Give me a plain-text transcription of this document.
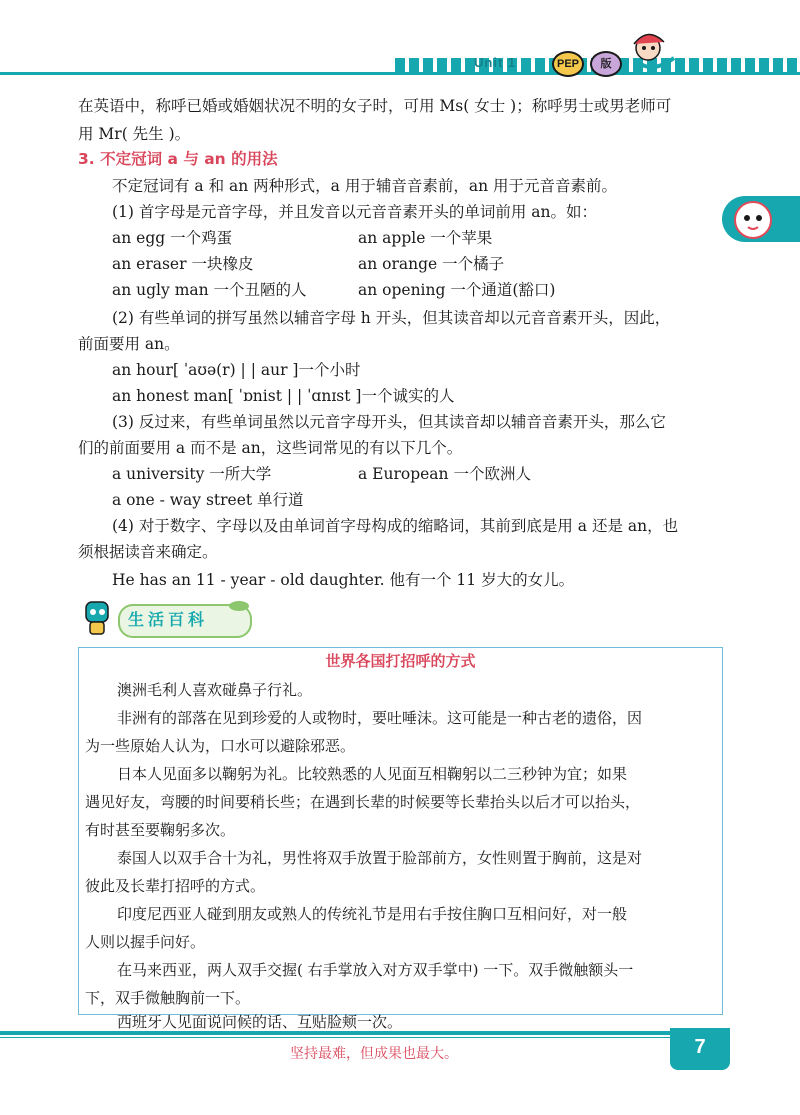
Unit 1	PEP	版
在英语中，称呼已婚或婚姻状况不明的女子时，可用 Ms( 女士 )；称呼男士或男老师可
用 Mr( 先生 )。
3. 不定冠词 a 与 an 的用法
不定冠词有 a 和 an 两种形式，a 用于辅音音素前，an 用于元音音素前。
(1) 首字母是元音字母，并且发音以元音音素开头的单词前用 an。如：
an egg 一个鸡蛋	an apple 一个苹果
an eraser 一块橡皮	an orange 一个橘子
an ugly man 一个丑陋的人	an opening 一个通道(豁口)
(2) 有些单词的拼写虽然以辅音字母 h 开头，但其读音却以元音音素开头，因此，
前面要用 an。
an hour[ ˈaʊə(r) | | aur ]一个小时
an honest man[ ˈɒnist | | ˈɑnɪst ]一个诚实的人
(3) 反过来，有些单词虽然以元音字母开头，但其读音却以辅音音素开头，那么它
们的前面要用 a 而不是 an，这些词常见的有以下几个。
a university 一所大学	a European 一个欧洲人
a one - way street 单行道
(4) 对于数字、字母以及由单词首字母构成的缩略词，其前到底是用 a 还是 an，也
须根据读音来确定。
He has an 11 - year - old daughter. 他有一个 11 岁大的女儿。
生活百科
世界各国打招呼的方式
澳洲毛利人喜欢碰鼻子行礼。
非洲有的部落在见到珍爱的人或物时，要吐唾沫。这可能是一种古老的遗俗，因
为一些原始人认为，口水可以避除邪恶。
日本人见面多以鞠躬为礼。比较熟悉的人见面互相鞠躬以二三秒钟为宜；如果
遇见好友，弯腰的时间要稍长些；在遇到长辈的时候要等长辈抬头以后才可以抬头，
有时甚至要鞠躬多次。
泰国人以双手合十为礼，男性将双手放置于脸部前方，女性则置于胸前，这是对
彼此及长辈打招呼的方式。
印度尼西亚人碰到朋友或熟人的传统礼节是用右手按住胸口互相问好，对一般
人则以握手问好。
在马来西亚，两人双手交握( 右手掌放入对方双手掌中) 一下。双手微触额头一
下，双手微触胸前一下。
西班牙人见面说问候的话、互贴脸颊一次。
坚持最难，但成果也最大。	7
